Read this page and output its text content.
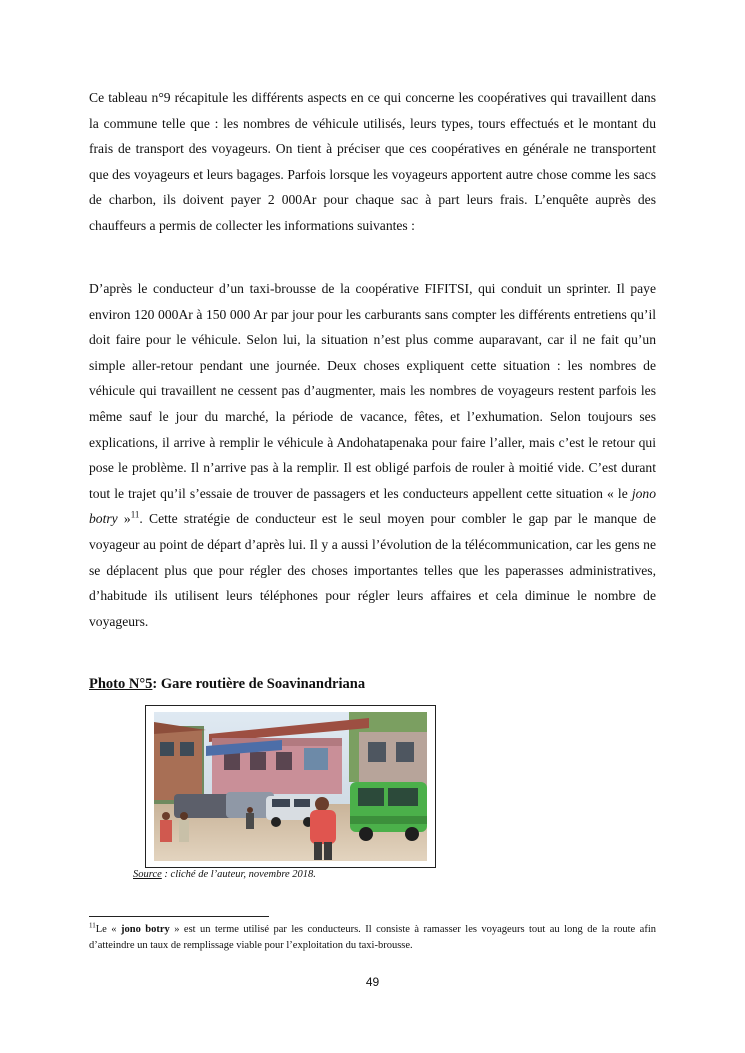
Ce tableau n°9 récapitule les différents aspects en ce qui concerne les coopératives qui travaillent dans la commune telle que : les nombres de véhicule utilisés, leurs types, tours effectués et le montant du frais de transport des voyageurs. On tient à préciser que ces coopératives en générale ne transportent que des voyageurs et leurs bagages. Parfois lorsque les voyageurs apportent autre chose comme les sacs de charbon, ils doivent payer 2 000Ar pour chaque sac à part leurs frais. L’enquête auprès des chauffeurs a permis de collecter les informations suivantes :

D’après le conducteur d’un taxi-brousse de la coopérative FIFITSI, qui conduit un sprinter. Il paye environ 120 000Ar à 150 000 Ar par jour pour les carburants sans compter les différents entretiens qu’il doit faire pour le véhicule. Selon lui, la situation n’est plus comme auparavant, car il ne fait qu’un simple aller-retour pendant une journée. Deux choses expliquent cette situation : les nombres de véhicule qui travaillent ne cessent pas d’augmenter, mais les nombres de voyageurs restent parfois les même sauf le jour du marché, la période de vacance, fêtes, et l’exhumation. Selon toujours ses explications, il arrive à remplir le véhicule à Andohatapenaka pour faire l’aller, mais c’est le retour qui pose le problème. Il n’arrive pas à la remplir. Il est obligé parfois de rouler à moitié vide. C’est durant tout le trajet qu’il s’essaie de trouver de passagers et les conducteurs appellent cette situation « le jono botry »$^{11}$. Cette stratégie de conducteur est le seul moyen pour combler le gap par le manque de voyageur au point de départ d’après lui. Il y a aussi l’évolution de la télécommunication, car les gens ne se déplacent plus que pour régler des choses importantes telles que les paperasses administratives, d’habitude ils utilisent leurs téléphones pour régler leurs affaires et cela diminue le nombre de voyageurs.

Photo N°5: Gare routière de Soavinandriana

Source : cliché de l’auteur, novembre 2018.

$^{11}$Le « jono botry » est un terme utilisé par les conducteurs. Il consiste à ramasser les voyageurs tout au long de la route afin d’atteindre un taux de remplissage viable pour l’exploitation du taxi-brousse.

49
